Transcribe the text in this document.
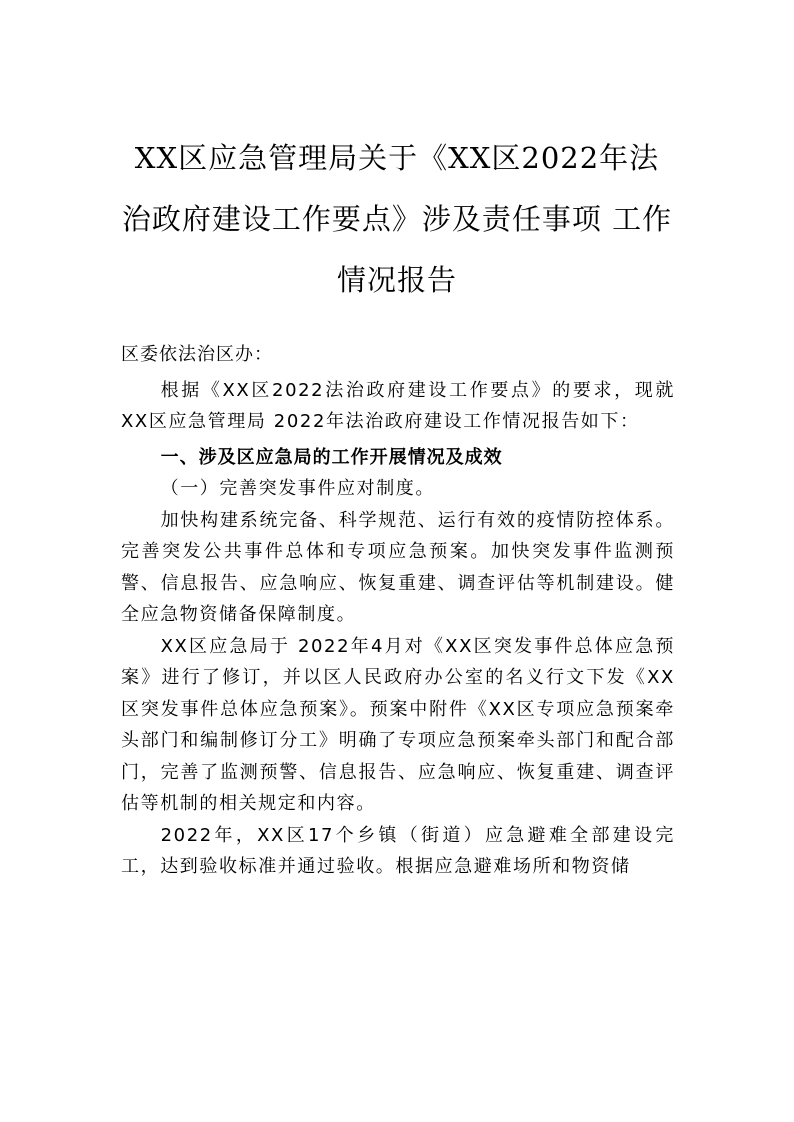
XX区应急管理局关于《XX区2022年法治政府建设工作要点》涉及责任事项 工作情况报告

区委依法治区办：

根据《XX区2022法治政府建设工作要点》的要求，现就 XX区应急管理局 2022年法治政府建设工作情况报告如下：

一、涉及区应急局的工作开展情况及成效

（一）完善突发事件应对制度。

加快构建系统完备、科学规范、运行有效的疫情防控体系。完善突发公共事件总体和专项应急预案。加快突发事件监测预警、信息报告、应急响应、恢复重建、调查评估等机制建设。健全应急物资储备保障制度。

XX区应急局于 2022年4月对《XX区突发事件总体应急预案》进行了修订，并以区人民政府办公室的名义行文下发《XX区突发事件总体应急预案》。预案中附件《XX区专项应急预案牵头部门和编制修订分工》明确了专项应急预案牵头部门和配合部门，完善了监测预警、信息报告、应急响应、恢复重建、调查评估等机制的相关规定和内容。

2022年，XX区17个乡镇（街道）应急避难全部建设完工，达到验收标准并通过验收。根据应急避难场所和物资储
